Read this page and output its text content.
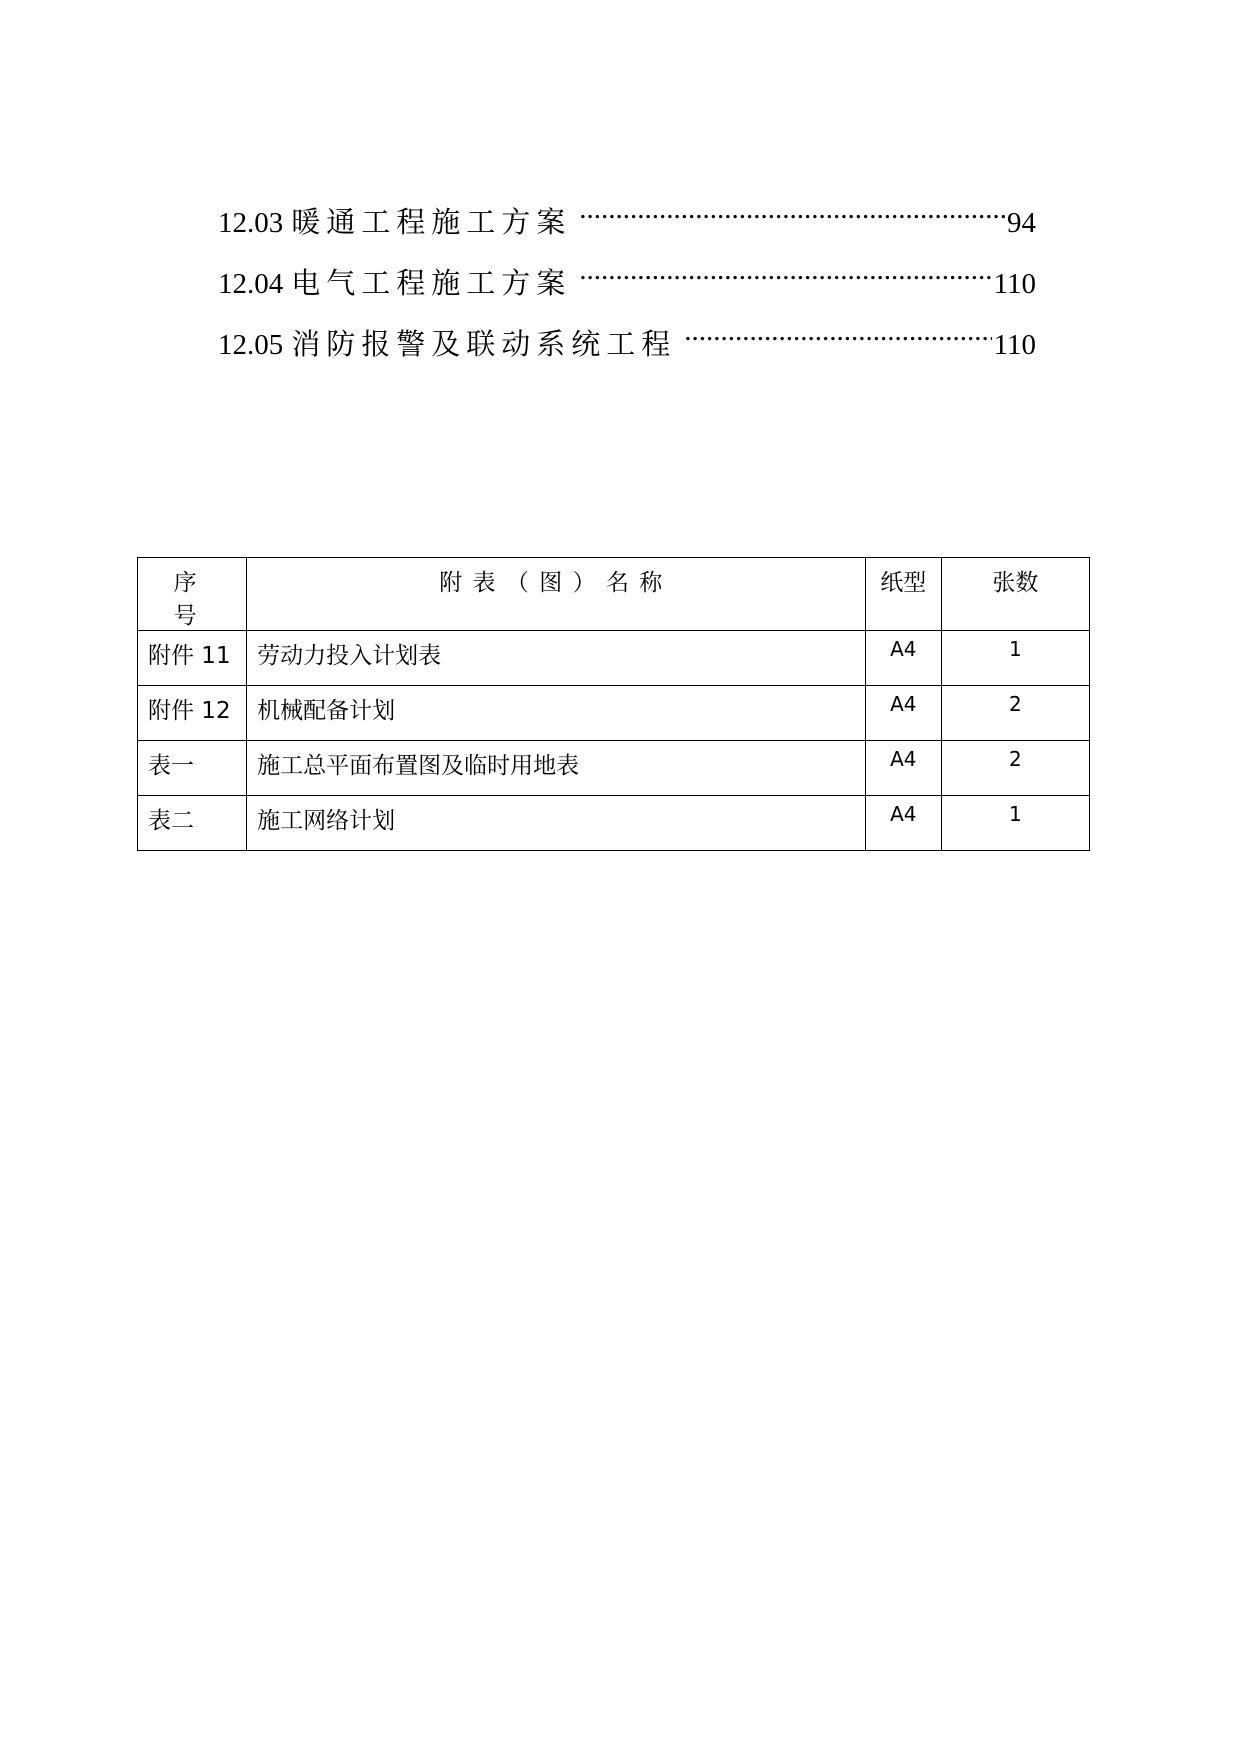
12.03 暖通工程施工方案 .....	94
12.04 电气工程施工方案 .....	110
12.05 消防报警及联动系统工程 .....	110
序 号	附表（图）名称	纸型	张数
附件 11	劳动力投入计划表	A4	1
附件 12	机械配备计划	A4	2
表一	施工总平面布置图及临时用地表	A4	2
表二	施工网络计划	A4	1
